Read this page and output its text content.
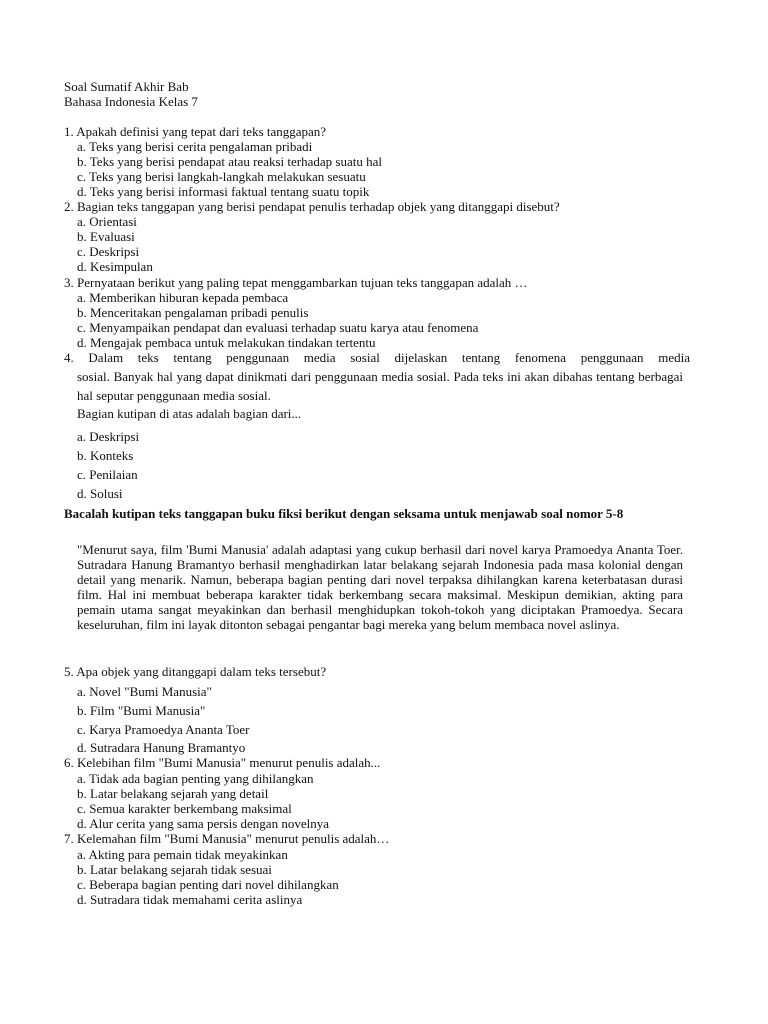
Soal Sumatif Akhir Bab
Bahasa Indonesia Kelas 7
1. Apakah definisi yang tepat dari teks tanggapan?
a. Teks yang berisi cerita pengalaman pribadi
b. Teks yang berisi pendapat atau reaksi terhadap suatu hal
c. Teks yang berisi langkah-langkah melakukan sesuatu
d. Teks yang berisi informasi faktual tentang suatu topik
2. Bagian teks tanggapan yang berisi pendapat penulis terhadap objek yang ditanggapi disebut?
a. Orientasi
b. Evaluasi
c. Deskripsi
d. Kesimpulan
3. Pernyataan berikut yang paling tepat menggambarkan tujuan teks tanggapan adalah …
a. Memberikan hiburan kepada pembaca
b. Menceritakan pengalaman pribadi penulis
c. Menyampaikan pendapat dan evaluasi terhadap suatu karya atau fenomena
d. Mengajak pembaca untuk melakukan tindakan tertentu
4. Dalam teks tentang penggunaan media sosial dijelaskan tentang fenomena penggunaan media
sosial. Banyak hal yang dapat dinikmati dari penggunaan media sosial. Pada teks ini akan dibahas tentang berbagai hal seputar penggunaan media sosial.
Bagian kutipan di atas adalah bagian dari...
a. Deskripsi
b. Konteks
c. Penilaian
d. Solusi
Bacalah kutipan teks tanggapan buku fiksi berikut dengan seksama untuk menjawab soal nomor 5-8
"Menurut saya, film 'Bumi Manusia' adalah adaptasi yang cukup berhasil dari novel karya Pramoedya Ananta Toer. Sutradara Hanung Bramantyo berhasil menghadirkan latar belakang sejarah Indonesia pada masa kolonial dengan detail yang menarik. Namun, beberapa bagian penting dari novel terpaksa dihilangkan karena keterbatasan durasi film. Hal ini membuat beberapa karakter tidak berkembang secara maksimal. Meskipun demikian, akting para pemain utama sangat meyakinkan dan berhasil menghidupkan tokoh-tokoh yang diciptakan Pramoedya. Secara keseluruhan, film ini layak ditonton sebagai pengantar bagi mereka yang belum membaca novel aslinya.
5. Apa objek yang ditanggapi dalam teks tersebut?
a. Novel "Bumi Manusia"
b. Film "Bumi Manusia"
c. Karya Pramoedya Ananta Toer
d. Sutradara Hanung Bramantyo
6. Kelebihan film "Bumi Manusia" menurut penulis adalah...
a. Tidak ada bagian penting yang dihilangkan
b. Latar belakang sejarah yang detail
c. Semua karakter berkembang maksimal
d. Alur cerita yang sama persis dengan novelnya
7. Kelemahan film "Bumi Manusia" menurut penulis adalah…
a. Akting para pemain tidak meyakinkan
b. Latar belakang sejarah tidak sesuai
c. Beberapa bagian penting dari novel dihilangkan
d. Sutradara tidak memahami cerita aslinya
